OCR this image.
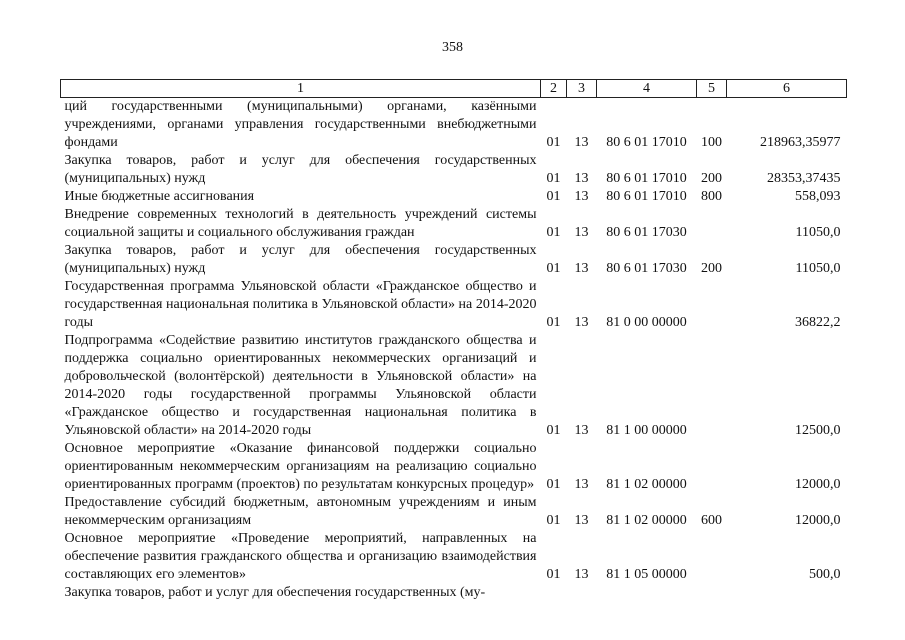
358
1	2	3	4	5	6
ций государственными (муниципальными) органами, казёнными учреждениями, органами управления государственными внебюджетными фондами	01	13	80 6 01 17010	100	218963,35977
Закупка товаров, работ и услуг для обеспечения государственных (муниципальных) нужд	01	13	80 6 01 17010	200	28353,37435
Иные бюджетные ассигнования	01	13	80 6 01 17010	800	558,093
Внедрение современных технологий в деятельность учреждений системы социальной защиты и социального обслуживания граждан	01	13	80 6 01 17030		11050,0
Закупка товаров, работ и услуг для обеспечения государственных (муниципальных) нужд	01	13	80 6 01 17030	200	11050,0
Государственная программа Ульяновской области «Гражданское общество и государственная национальная политика в Ульяновской области» на 2014-2020 годы	01	13	81 0 00 00000		36822,2
Подпрограмма «Содействие развитию институтов гражданского общества и поддержка социально ориентированных некоммерческих организаций и добровольческой (волонтёрской) деятельности в Ульяновской области» на 2014-2020 годы государственной программы Ульяновской области «Гражданское общество и государственная национальная политика в Ульяновской области» на 2014-2020 годы	01	13	81 1 00 00000		12500,0
Основное мероприятие «Оказание финансовой поддержки социально ориентированным некоммерческим организациям на реализацию социально ориентированных программ (проектов) по результатам конкурсных процедур»	01	13	81 1 02 00000		12000,0
Предоставление субсидий бюджетным, автономным учреждениям и иным некоммерческим организациям	01	13	81 1 02 00000	600	12000,0
Основное мероприятие «Проведение мероприятий, направленных на обеспечение развития гражданского общества и организацию взаимодействия составляющих его элементов»	01	13	81 1 05 00000		500,0
Закупка товаров, работ и услуг для обеспечения государственных (му-					
